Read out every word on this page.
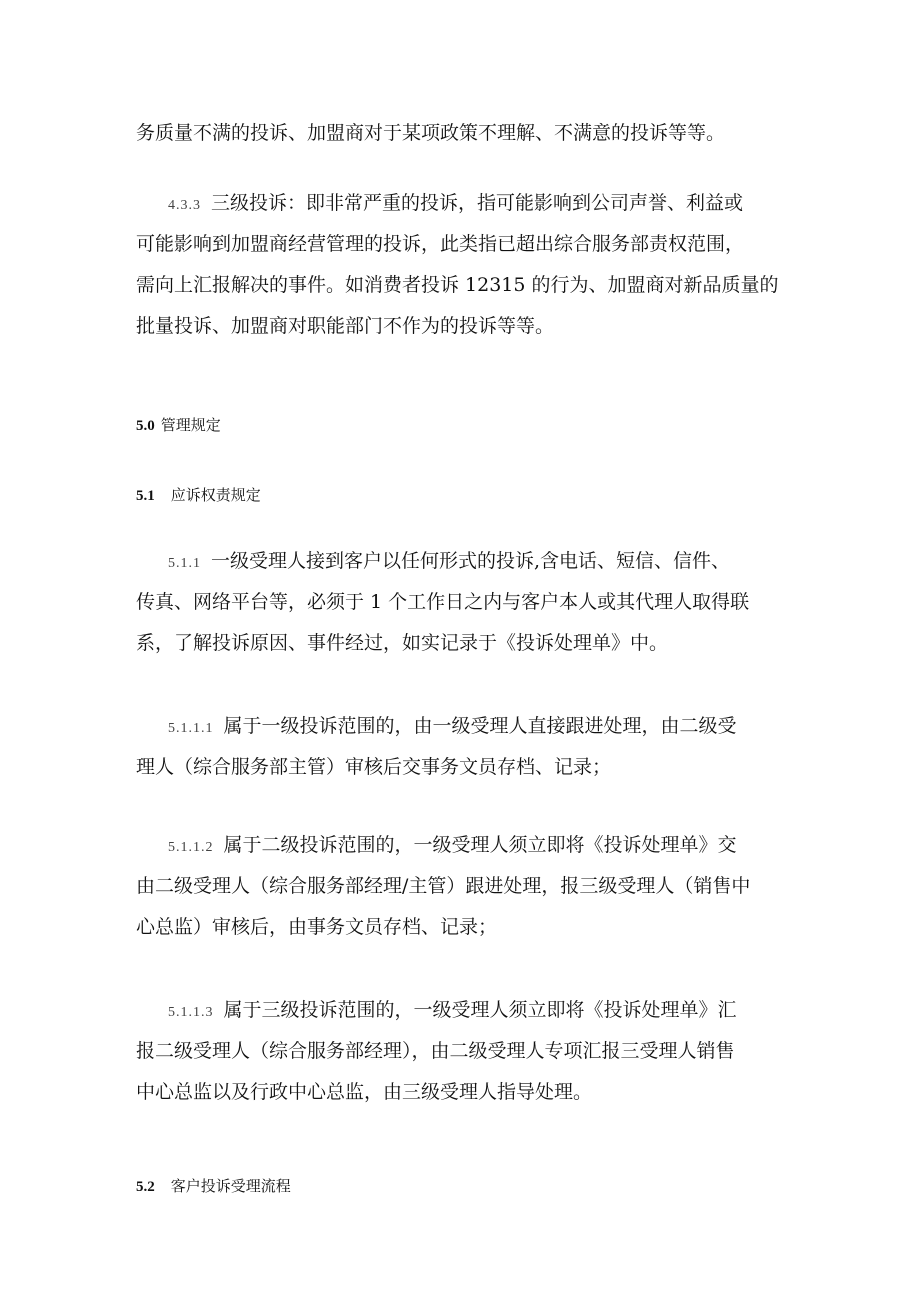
务质量不满的投诉、加盟商对于某项政策不理解、不满意的投诉等等。

4.3.3 三级投诉：即非常严重的投诉，指可能影响到公司声誉、利益或
可能影响到加盟商经营管理的投诉，此类指已超出综合服务部责权范围，
需向上汇报解决的事件。如消费者投诉 12315 的行为、加盟商对新品质量的
批量投诉、加盟商对职能部门不作为的投诉等等。

5.0 管理规定
5.1 应诉权责规定

5.1.1 一级受理人接到客户以任何形式的投诉,含电话、短信、信件、
传真、网络平台等，必须于 1 个工作日之内与客户本人或其代理人取得联
系，了解投诉原因、事件经过，如实记录于《投诉处理单》中。

5.1.1.1 属于一级投诉范围的，由一级受理人直接跟进处理，由二级受
理人（综合服务部主管）审核后交事务文员存档、记录；

5.1.1.2 属于二级投诉范围的，一级受理人须立即将《投诉处理单》交
由二级受理人（综合服务部经理/主管）跟进处理，报三级受理人（销售中
心总监）审核后，由事务文员存档、记录；

5.1.1.3 属于三级投诉范围的，一级受理人须立即将《投诉处理单》汇
报二级受理人（综合服务部经理），由二级受理人专项汇报三受理人销售
中心总监以及行政中心总监，由三级受理人指导处理。

5.2 客户投诉受理流程
